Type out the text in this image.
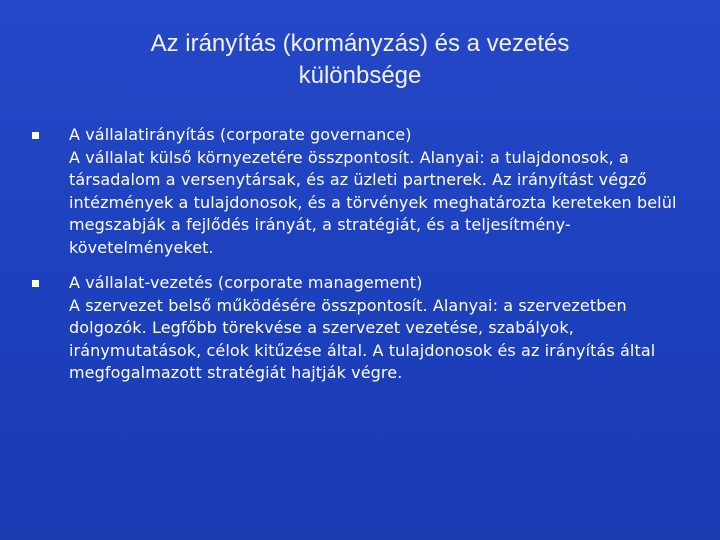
Az irányítás (kormányzás) és a vezetés
különbsége
A vállalatirányítás (corporate governance)
A vállalat külső környezetére összpontosít. Alanyai: a tulajdonosok, a társadalom a versenytársak, és az üzleti partnerek. Az irányítást végző intézmények a tulajdonosok, és a törvények meghatározta kereteken belül megszabják a fejlődés irányát, a stratégiát, és a teljesítmény-követelményeket.
A vállalat-vezetés (corporate management)
A szervezet belső működésére összpontosít. Alanyai: a szervezetben dolgozók. Legfőbb törekvése a szervezet vezetése, szabályok, iránymutatások, célok kitűzése által. A tulajdonosok és az irányítás által megfogalmazott stratégiát hajtják végre.
